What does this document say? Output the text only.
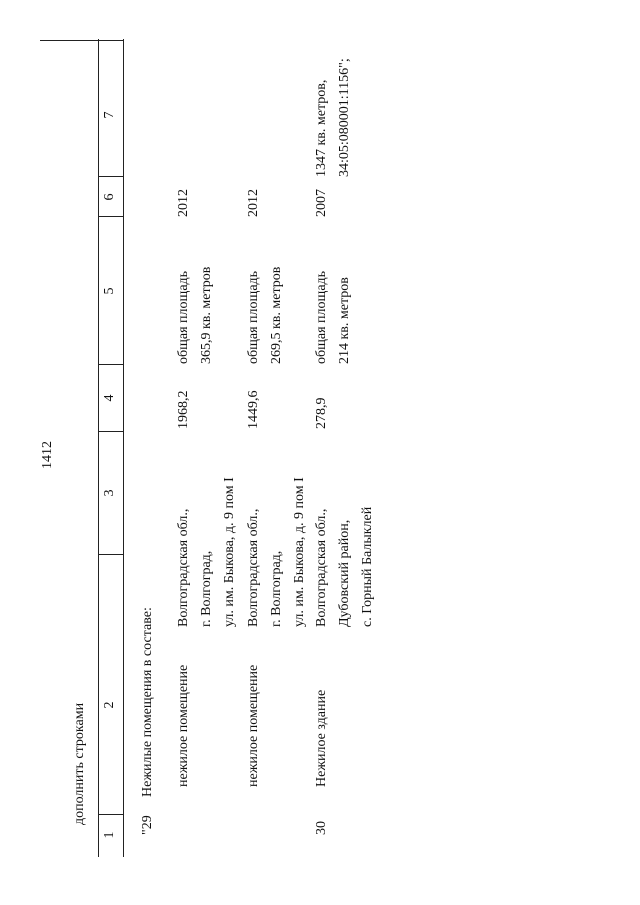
1412
дополнить строками
1
2
3
4
5
6
7
"29
Нежилые помещения в составе: нежилое помещение
Волгоградская обл., г. Волгоград, ул. им. Быкова, д. 9 пом I
1968,2
общая площадь 365,9 кв. метров
2012
нежилое помещение
Волгоградская обл., г. Волгоград, ул. им. Быкова, д. 9 пом I
1449,6
общая площадь 269,5 кв. метров
2012
30
Нежилое здание
Волгоградская обл., Дубовский район, с. Горный Балыклей
278,9
общая площадь 214 кв. метров
2007
1347 кв. метров, 34:05:080001:1156";
